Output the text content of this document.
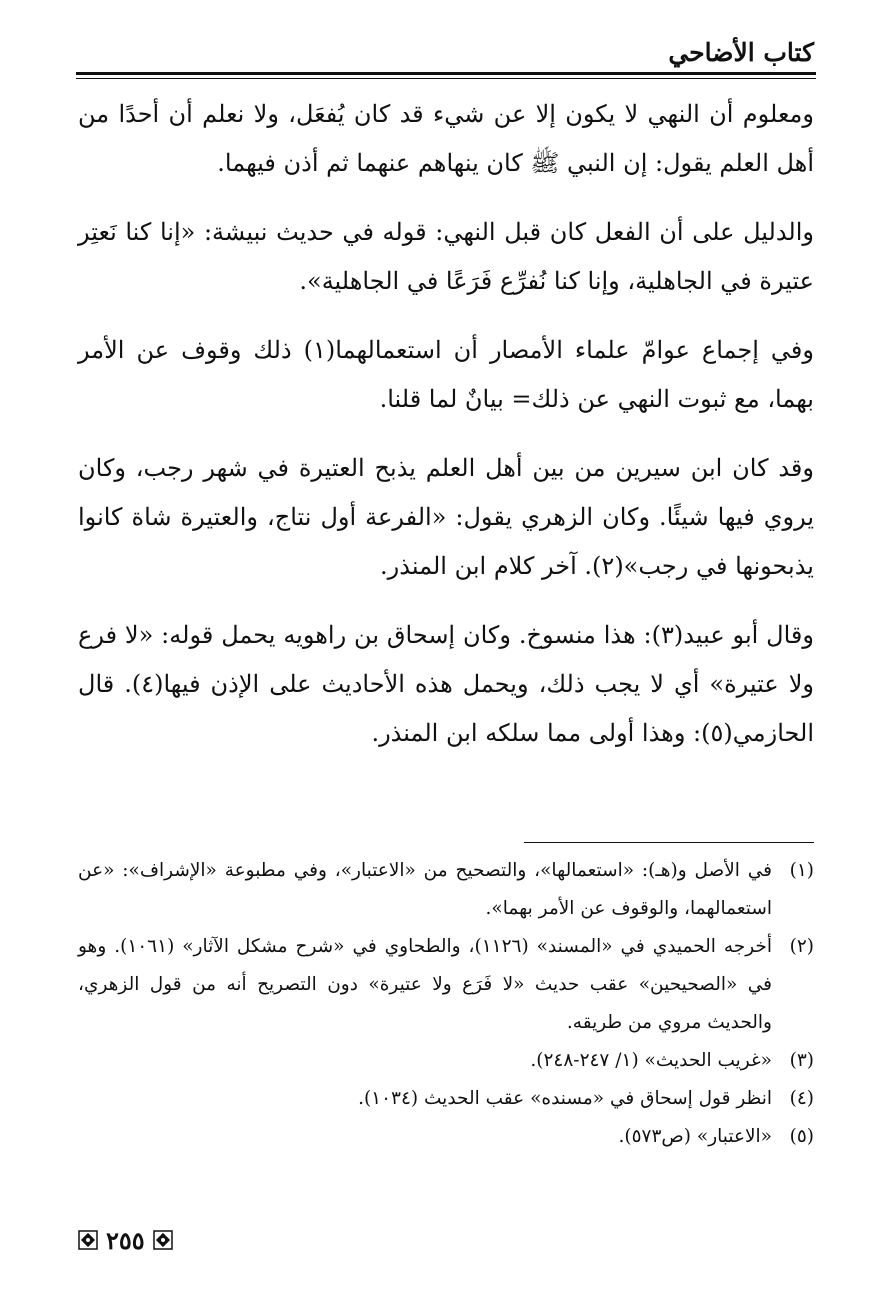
كتاب الأضاحي

ومعلوم أن النهي لا يكون إلا عن شيء قد كان يُفعَل، ولا نعلم أن أحدًا من أهل العلم يقول: إن النبي ﷺ كان ينهاهم عنهما ثم أذن فيهما.

والدليل على أن الفعل كان قبل النهي: قوله في حديث نبيشة: «إنا كنا نَعتِر عتيرة في الجاهلية، وإنا كنا نُفرِّع فَرَعًا في الجاهلية».

وفي إجماع عوامّ علماء الأمصار أن استعمالهما(١) ذلك وقوف عن الأمر بهما، مع ثبوت النهي عن ذلك= بيانٌ لما قلنا.

وقد كان ابن سيرين من بين أهل العلم يذبح العتيرة في شهر رجب، وكان يروي فيها شيئًا. وكان الزهري يقول: «الفرعة أول نتاج، والعتيرة شاة كانوا يذبحونها في رجب»(٢). آخر كلام ابن المنذر.

وقال أبو عبيد(٣): هذا منسوخ. وكان إسحاق بن راهويه يحمل قوله: «لا فرع ولا عتيرة» أي لا يجب ذلك، ويحمل هذه الأحاديث على الإذن فيها(٤). قال الحازمي(٥): وهذا أولى مما سلكه ابن المنذر.

(١)
في الأصل و(هـ): «استعمالها»، والتصحيح من «الاعتبار»، وفي مطبوعة «الإشراف»: «عن استعمالهما، والوقوف عن الأمر بهما».
(٢)
أخرجه الحميدي في «المسند» (١١٢٦)، والطحاوي في «شرح مشكل الآثار» (١٠٦١). وهو في «الصحيحين» عقب حديث «لا فَرَع ولا عتيرة» دون التصريح أنه من قول الزهري، والحديث مروي من طريقه.
(٣)
«غريب الحديث» (١/ ٢٤٧-٢٤٨).
(٤)
انظر قول إسحاق في «مسنده» عقب الحديث (١٠٣٤).
(٥)
«الاعتبار» (ص٥٧٣).
٢٥٥
